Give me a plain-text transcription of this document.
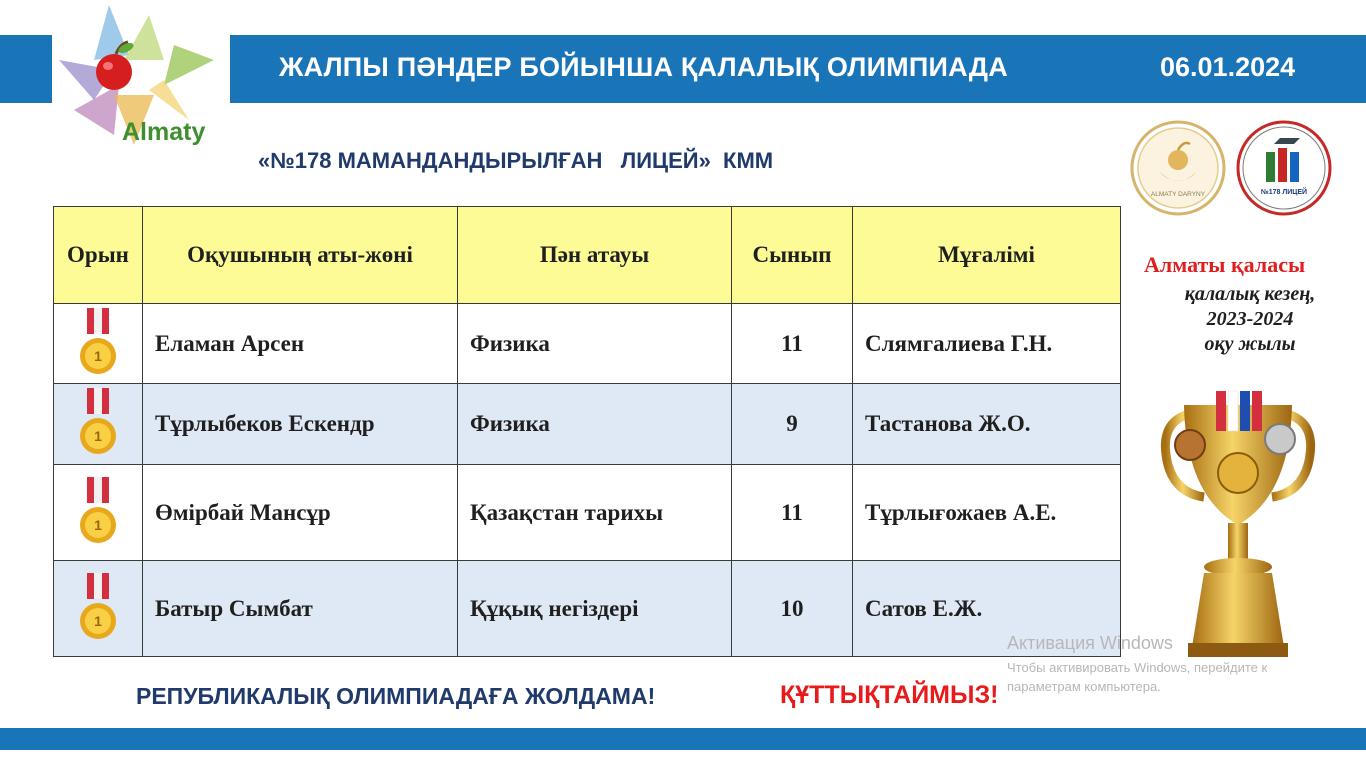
ЖАЛПЫ ПӘНДЕР БОЙЫНША ҚАЛАЛЫҚ ОЛИМПИАДА	06.01.2024
Almaty
«№178 МАМАНДАНДЫРЫЛҒАН   ЛИЦЕЙ»  КММ
ALMATY DARYNY	№178 ЛИЦЕЙ
Орын	Оқушының аты-жөні	Пән атауы	Сынып	Мұғалімі

1	Еламан Арсен	Физика	11	Слямгалиева Г.Н.

1	Тұрлыбеков Ескендр	Физика	9	Тастанова Ж.О.

1	Өмірбай Мансұр	Қазақстан тарихы	11	Тұрлығожаев А.Е.

1	Батыр Сымбат	Құқық негіздері	10	Сатов Е.Ж.
Алматы қаласы
қалалық кезең,
2023-2024
оқу жылы
Активация Windows
Чтобы активировать Windows, перейдите к параметрам компьютера.
РЕПУБЛИКАЛЫҚ ОЛИМПИАДАҒА ЖОЛДАМА!	ҚҰТТЫҚТАЙМЫЗ!
